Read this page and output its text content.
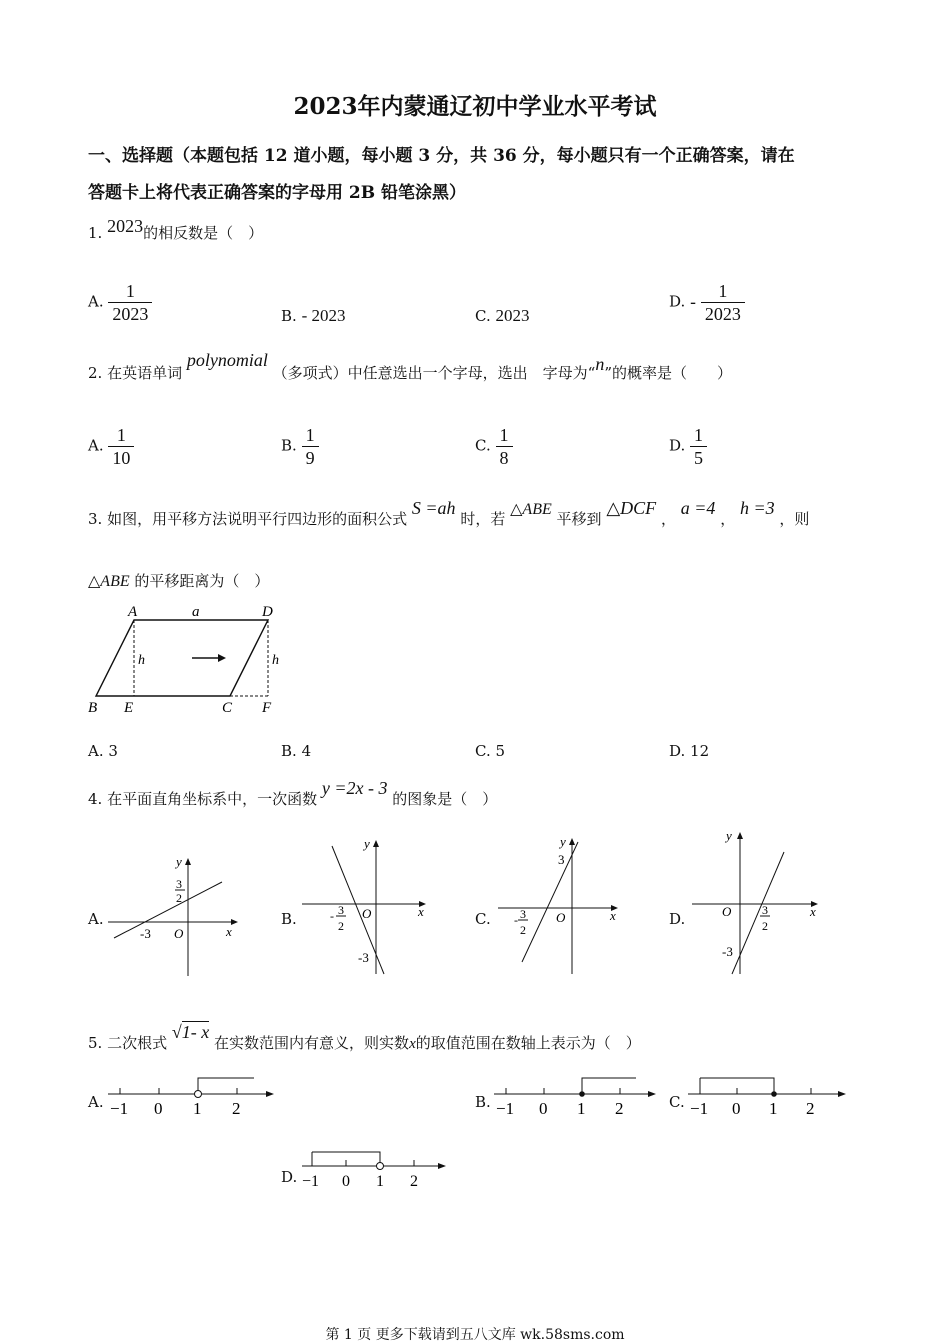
2023年内蒙通辽初中学业水平考试
一、选择题（本题包括 12 道小题，每小题 3 分，共 36 分，每小题只有一个正确答案，请在
答题卡上将代表正确答案的字母用 2B 铅笔涂黑）
1. 2023的相反数是（　）
A. $\frac{1}{2023}$	B. - 2023	C. 2023
D. - $\frac{1}{2023}$
2. 在英语单词 polynomial （多项式）中任意选出一个字母，选出　字母为“n”的概率是（　　）
A. $\frac{1}{10}$	B. $\frac{1}{9}$	C. $\frac{1}{8}$	D. $\frac{1}{5}$
3. 如图，用平移方法说明平行四边形的面积公式 S =ah 时，若 △ABE 平移到 △DCF ， a =4 ， h =3 ，则
△ABE 的平移距离为（　）
A	D
B E	C F
a
h	h
A. 3	B. 4	C. 5	D. 12
4. 在平面直角坐标系中，一次函数 y =2x - 3 的图象是（　）
A.
y
x
O
-3
3
2
B.
y
x
O
- 3
2
-3
C.
y
x
O
3
- 3
2
D.
y
x
O	3
2
-3
5. 二次根式 √1- x 在实数范围内有意义，则实数x的取值范围在数轴上表示为（　）
A. −1 0 1 2	B. −1 0 1 2	C. −1 0 1 2
D. −1 0 1 2
第 1 页 更多下载请到五八文库 wk.58sms.com
